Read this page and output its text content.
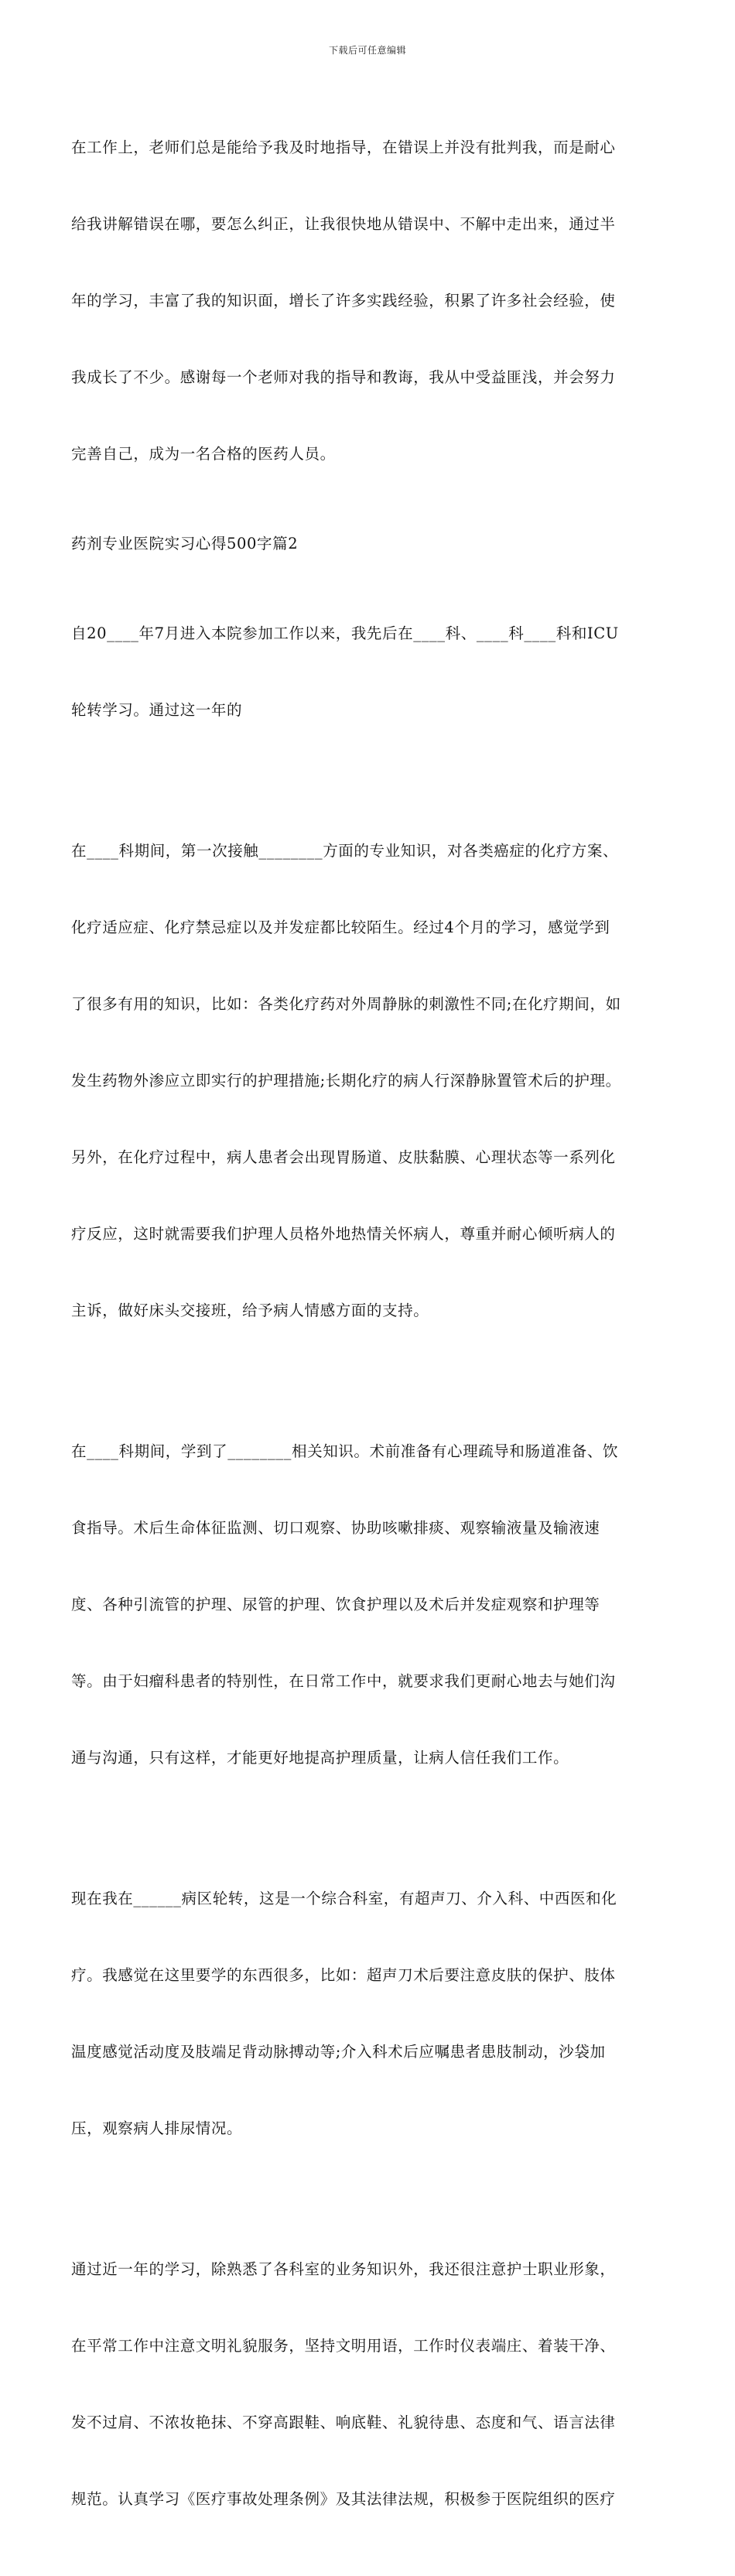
下载后可任意编辑

在工作上，老师们总是能给予我及时地指导，在错误上并没有批判我，而是耐心

给我讲解错误在哪，要怎么纠正，让我很快地从错误中、不解中走出来，通过半

年的学习，丰富了我的知识面，增长了许多实践经验，积累了许多社会经验，使

我成长了不少。感谢每一个老师对我的指导和教诲，我从中受益匪浅，并会努力

完善自己，成为一名合格的医药人员。

药剂专业医院实习心得500字篇2

自20____年7月进入本院参加工作以来，我先后在____科、____科____科和ICU

轮转学习。通过这一年的

在____科期间，第一次接触________方面的专业知识，对各类癌症的化疗方案、

化疗适应症、化疗禁忌症以及并发症都比较陌生。经过4个月的学习，感觉学到

了很多有用的知识，比如：各类化疗药对外周静脉的刺激性不同;在化疗期间，如

发生药物外渗应立即实行的护理措施;长期化疗的病人行深静脉置管术后的护理。

另外，在化疗过程中，病人患者会出现胃肠道、皮肤黏膜、心理状态等一系列化

疗反应，这时就需要我们护理人员格外地热情关怀病人，尊重并耐心倾听病人的

主诉，做好床头交接班，给予病人情感方面的支持。

在____科期间，学到了________相关知识。术前准备有心理疏导和肠道准备、饮

食指导。术后生命体征监测、切口观察、协助咳嗽排痰、观察输液量及输液速

度、各种引流管的护理、尿管的护理、饮食护理以及术后并发症观察和护理等

等。由于妇瘤科患者的特别性，在日常工作中，就要求我们更耐心地去与她们沟

通与沟通，只有这样，才能更好地提高护理质量，让病人信任我们工作。

现在我在______病区轮转，这是一个综合科室，有超声刀、介入科、中西医和化

疗。我感觉在这里要学的东西很多，比如：超声刀术后要注意皮肤的保护、肢体

温度感觉活动度及肢端足背动脉搏动等;介入科术后应嘱患者患肢制动，沙袋加

压，观察病人排尿情况。

通过近一年的学习，除熟悉了各科室的业务知识外，我还很注意护士职业形象，

在平常工作中注意文明礼貌服务，坚持文明用语，工作时仪表端庄、着装干净、

发不过肩、不浓妆艳抹、不穿高跟鞋、响底鞋、礼貌待患、态度和气、语言法律

规范。认真学习《医疗事故处理条例》及其法律法规，积极参于医院组织的医疗
